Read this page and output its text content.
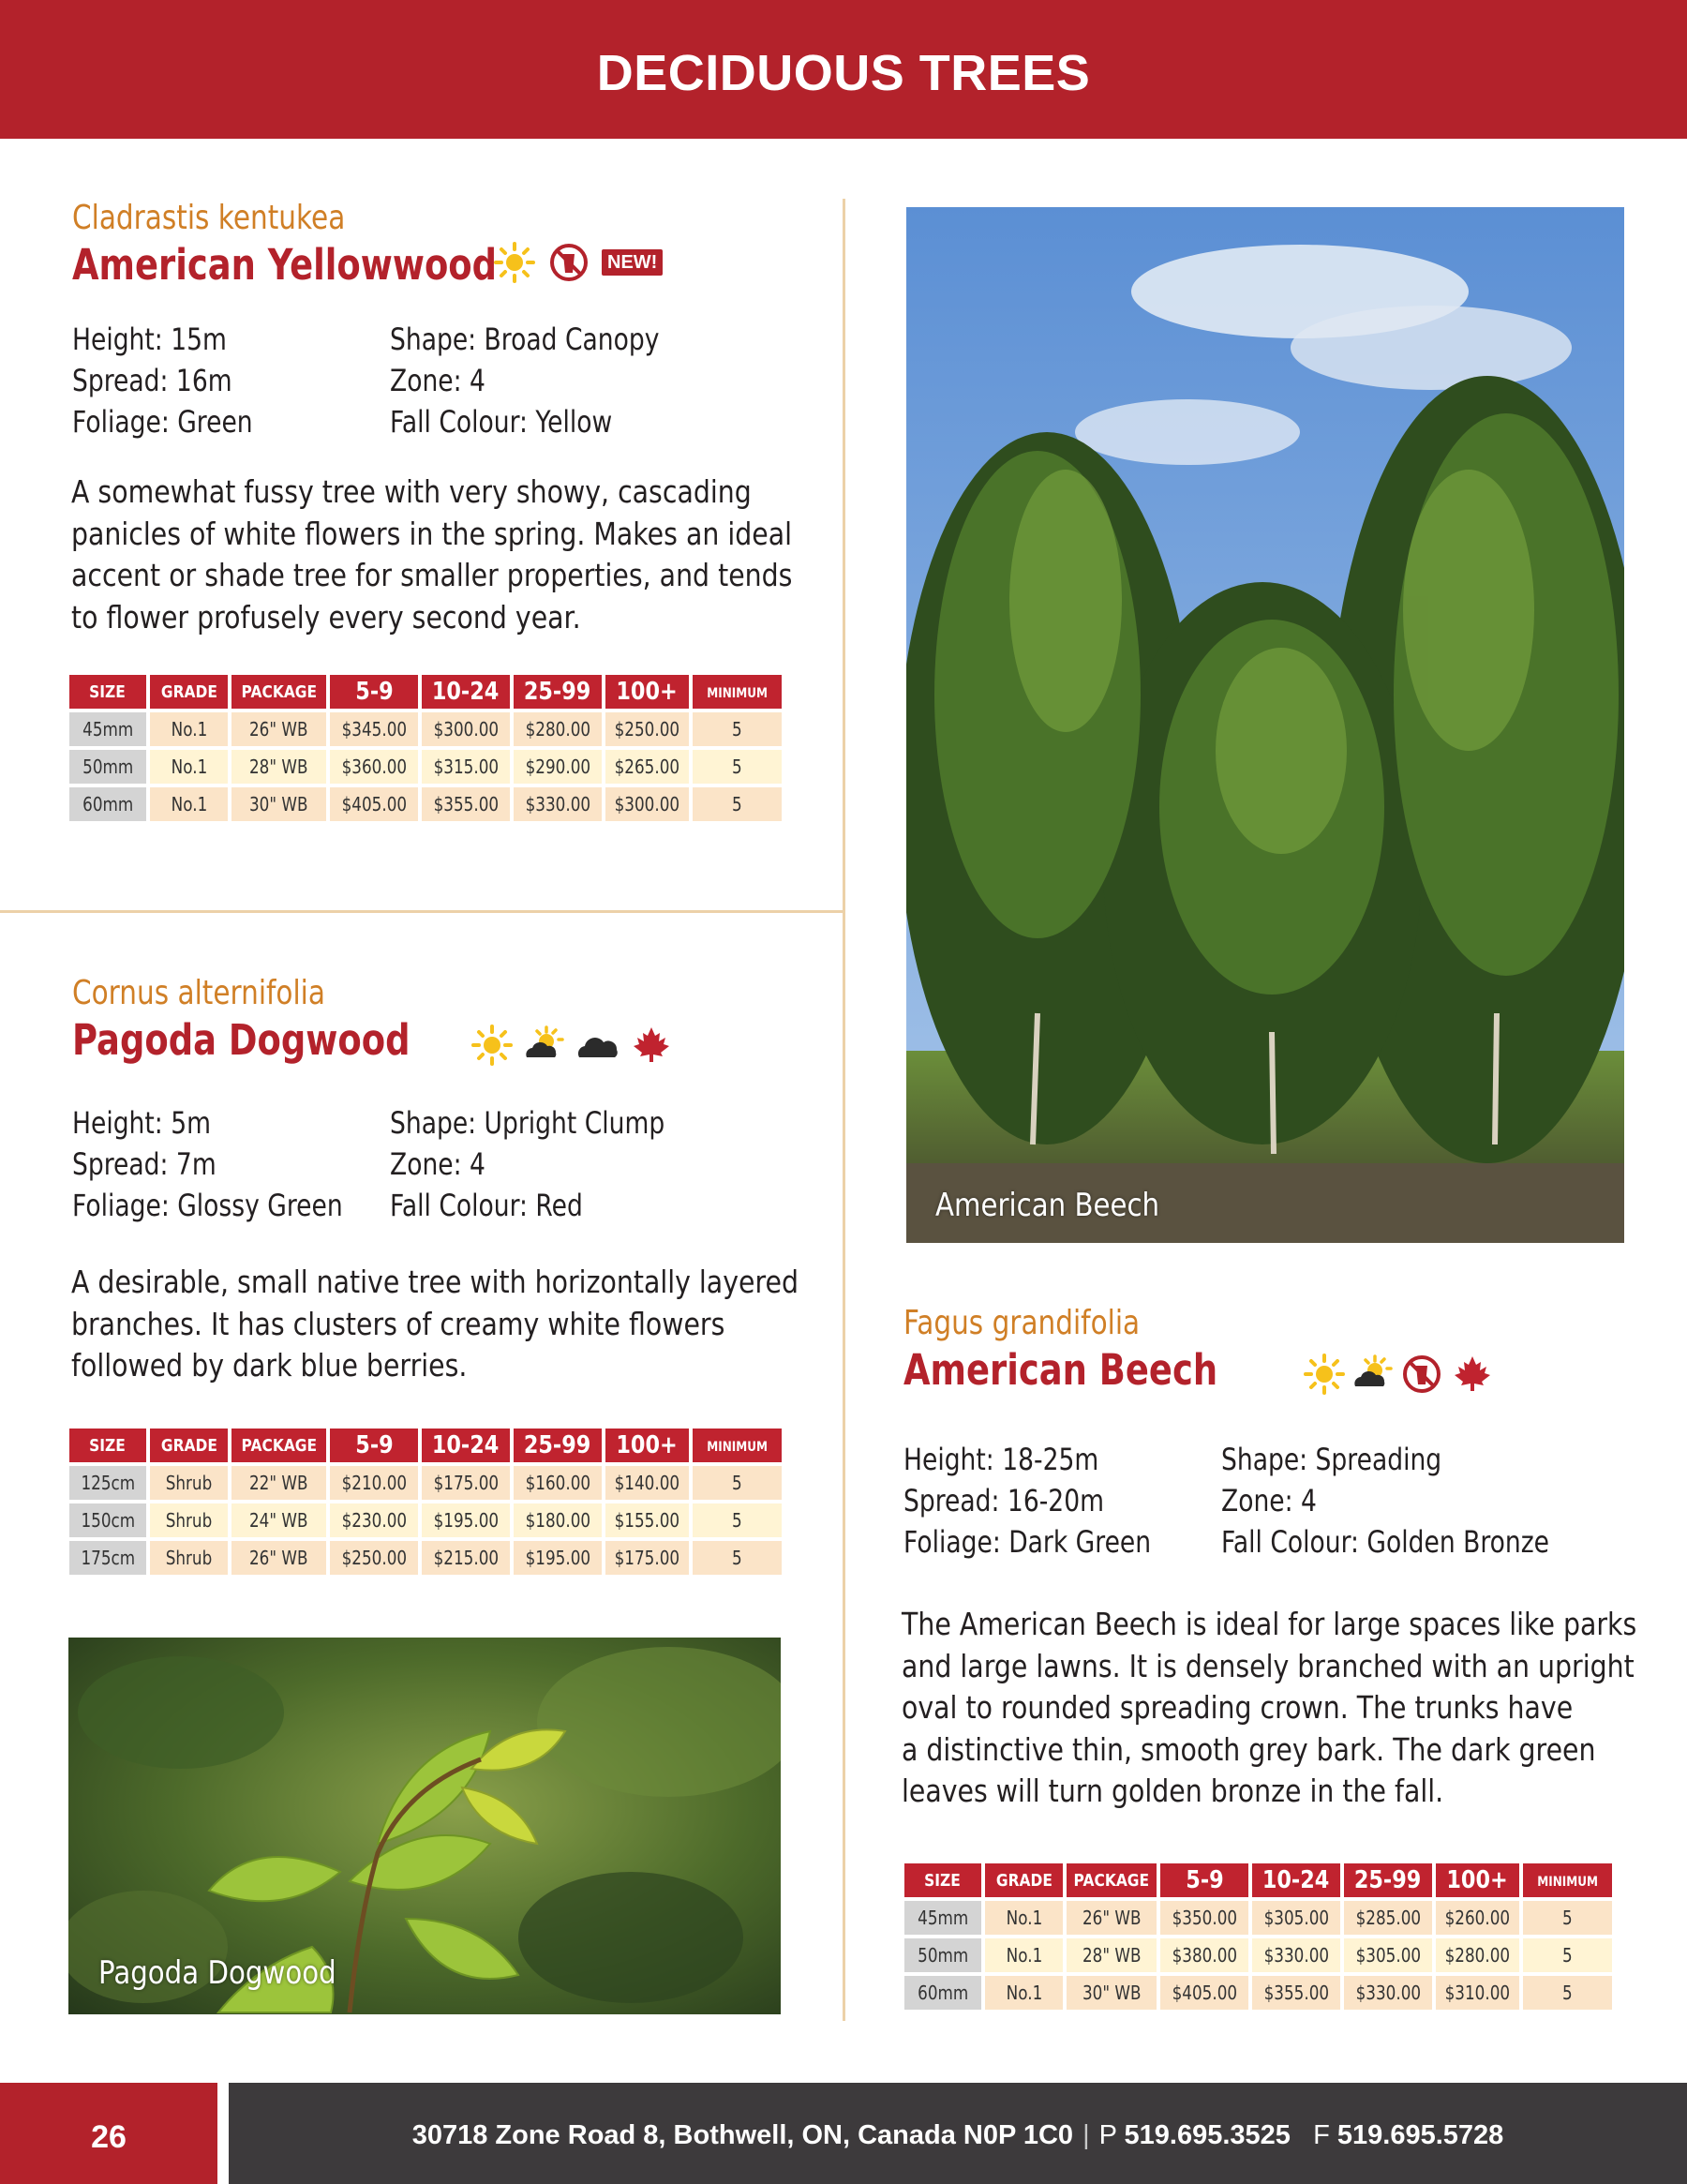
DECIDUOUS TREES
Cladrastis kentukea
American Yellowwood	NEW!
Height: 15m
Spread: 16m
Foliage: Green
Shape: Broad Canopy
Zone: 4
Fall Colour: Yellow
A somewhat fussy tree with very showy, cascading
panicles of white flowers in the spring. Makes an ideal
accent or shade tree for smaller properties, and tends
to flower profusely every second year.
SIZE	GRADE	PACKAGE	5-9	10-24	25-99	100+	MINIMUM
45mm	No.1	26" WB	$345.00	$300.00	$280.00	$250.00	5
50mm	No.1	28" WB	$360.00	$315.00	$290.00	$265.00	5
60mm	No.1	30" WB	$405.00	$355.00	$330.00	$300.00	5
Cornus alternifolia
Pagoda Dogwood
Height: 5m
Spread: 7m
Foliage: Glossy Green
Shape: Upright Clump
Zone: 4
Fall Colour: Red
A desirable, small native tree with horizontally layered
branches. It has clusters of creamy white flowers
followed by dark blue berries.
SIZE	GRADE	PACKAGE	5-9	10-24	25-99	100+	MINIMUM
125cm	Shrub	22" WB	$210.00	$175.00	$160.00	$140.00	5
150cm	Shrub	24" WB	$230.00	$195.00	$180.00	$155.00	5
175cm	Shrub	26" WB	$250.00	$215.00	$195.00	$175.00	5
Pagoda Dogwood
American Beech
Fagus grandifolia
American Beech
Height: 18-25m
Spread: 16-20m
Foliage: Dark Green
Shape: Spreading
Zone: 4
Fall Colour: Golden Bronze
The American Beech is ideal for large spaces like parks
and large lawns. It is densely branched with an upright
oval to rounded spreading crown. The trunks have
a distinctive thin, smooth grey bark. The dark green
leaves will turn golden bronze in the fall.
SIZE	GRADE	PACKAGE	5-9	10-24	25-99	100+	MINIMUM
45mm	No.1	26" WB	$350.00	$305.00	$285.00	$260.00	5
50mm	No.1	28" WB	$380.00	$330.00	$305.00	$280.00	5
60mm	No.1	30" WB	$405.00	$355.00	$330.00	$310.00	5
26	30718 Zone Road 8, Bothwell, ON, Canada N0P 1C0 | P 519.695.3525 F 519.695.5728
